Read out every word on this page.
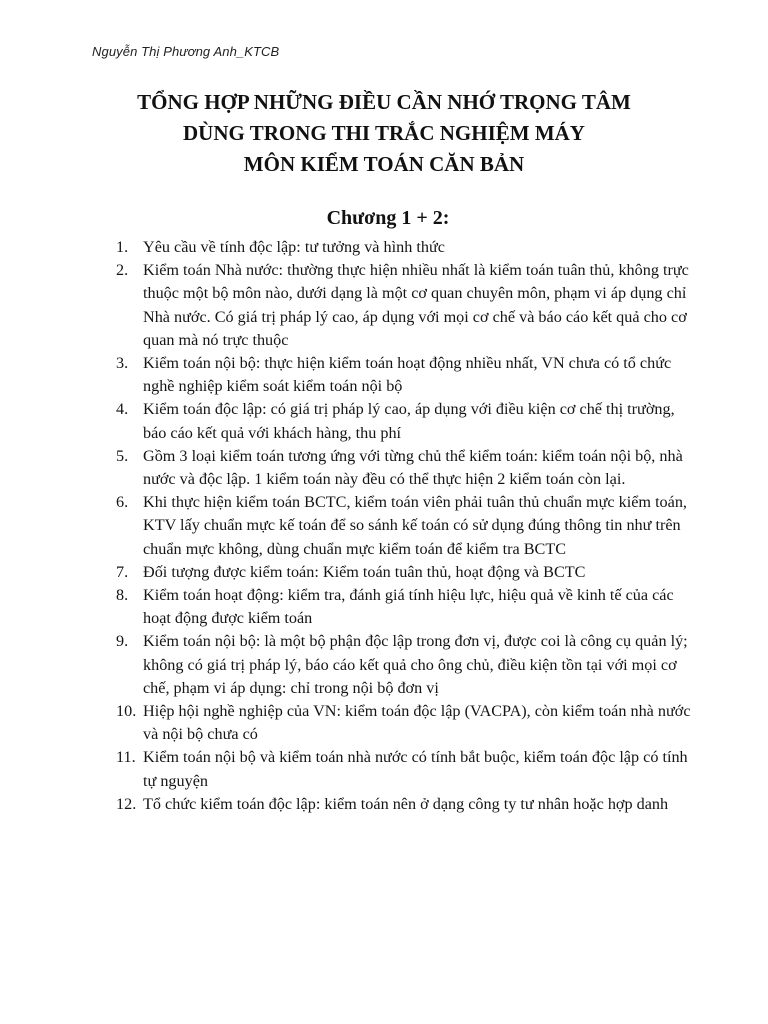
Nguyễn Thị Phương Anh_KTCB
TỔNG HỢP NHỮNG ĐIỀU CẦN NHỚ TRỌNG TÂM
DÙNG TRONG THI TRẮC NGHIỆM MÁY
MÔN KIỂM TOÁN CĂN BẢN
Chương 1 + 2:
1. Yêu cầu về tính độc lập: tư tưởng và hình thức
2. Kiểm toán Nhà nước: thường thực hiện nhiều nhất là kiểm toán tuân thủ, không trực thuộc một bộ môn nào, dưới dạng là một cơ quan chuyên môn, phạm vi áp dụng chỉ Nhà nước. Có giá trị pháp lý cao, áp dụng với mọi cơ chế và báo cáo kết quả cho cơ quan mà nó trực thuộc
3. Kiểm toán nội bộ: thực hiện kiểm toán hoạt động nhiều nhất, VN chưa có tổ chức nghề nghiệp kiểm soát kiểm toán nội bộ
4. Kiểm toán độc lập: có giá trị pháp lý cao, áp dụng với điều kiện cơ chế thị trường, báo cáo kết quả với khách hàng, thu phí
5. Gồm 3 loại kiểm toán tương ứng với từng chủ thể kiểm toán: kiểm toán nội bộ, nhà nước và độc lập. 1 kiểm toán này đều có thể thực hiện 2 kiểm toán còn lại.
6. Khi thực hiện kiểm toán BCTC, kiểm toán viên phải tuân thủ chuẩn mực kiểm toán, KTV lấy chuẩn mực kế toán để so sánh kế toán có sử dụng đúng thông tin như trên chuẩn mực không, dùng chuẩn mực kiểm toán để kiểm tra BCTC
7. Đối tượng được kiểm toán: Kiểm toán tuân thủ, hoạt động và BCTC
8. Kiểm toán hoạt động: kiểm tra, đánh giá tính hiệu lực, hiệu quả về kinh tế của các hoạt động được kiểm toán
9. Kiểm toán nội bộ: là một bộ phận độc lập trong đơn vị, được coi là công cụ quản lý; không có giá trị pháp lý, báo cáo kết quả cho ông chủ, điều kiện tồn tại với mọi cơ chế, phạm vi áp dụng: chỉ trong nội bộ đơn vị
10. Hiệp hội nghề nghiệp của VN: kiểm toán độc lập (VACPA), còn kiểm toán nhà nước và nội bộ chưa có
11. Kiểm toán nội bộ và kiểm toán nhà nước có tính bắt buộc, kiểm toán độc lập có tính tự nguyện
12. Tổ chức kiểm toán độc lập: kiểm toán nên ở dạng công ty tư nhân hoặc hợp danh
